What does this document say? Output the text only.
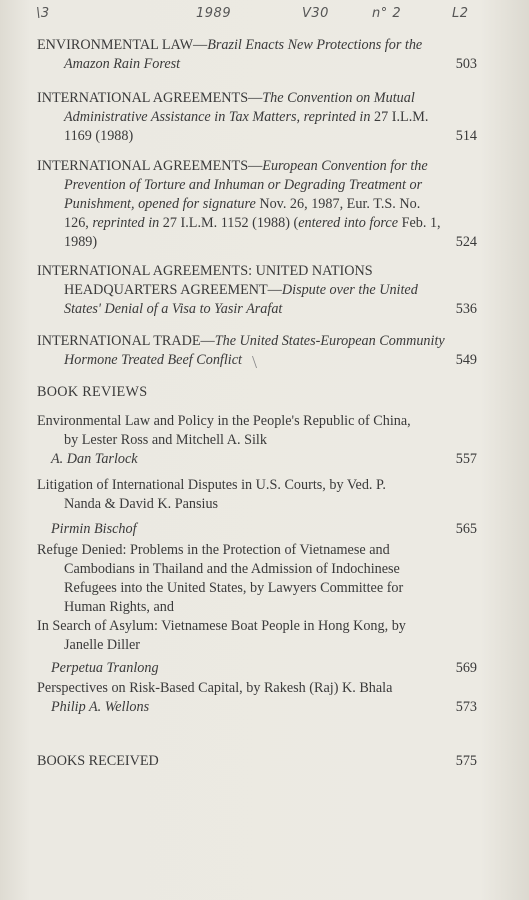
\3	1989	V30	n° 2	L2
ENVIRONMENTAL LAW—Brazil Enacts New Protections for the
Amazon Rain Forest	503
INTERNATIONAL AGREEMENTS—The Convention on Mutual
Administrative Assistance in Tax Matters, reprinted in 27 I.L.M.
1169 (1988)	514
INTERNATIONAL AGREEMENTS—European Convention for the
Prevention of Torture and Inhuman or Degrading Treatment or
Punishment, opened for signature Nov. 26, 1987, Eur. T.S. No.
126, reprinted in 27 I.L.M. 1152 (1988) (entered into force Feb. 1,
1989)	524
INTERNATIONAL AGREEMENTS: UNITED NATIONS
HEADQUARTERS AGREEMENT—Dispute over the United
States' Denial of a Visa to Yasir Arafat	536
INTERNATIONAL TRADE—The United States-European Community
Hormone Treated Beef Conflict	549
\
BOOK REVIEWS
Environmental Law and Policy in the People's Republic of China,
by Lester Ross and Mitchell A. Silk
A. Dan Tarlock	557
Litigation of International Disputes in U.S. Courts, by Ved. P.
Nanda & David K. Pansius
Pirmin Bischof	565
Refuge Denied: Problems in the Protection of Vietnamese and
Cambodians in Thailand and the Admission of Indochinese
Refugees into the United States, by Lawyers Committee for
Human Rights, and
In Search of Asylum: Vietnamese Boat People in Hong Kong, by
Janelle Diller
Perpetua Tranlong	569
Perspectives on Risk-Based Capital, by Rakesh (Raj) K. Bhala
Philip A. Wellons	573
BOOKS RECEIVED	575
